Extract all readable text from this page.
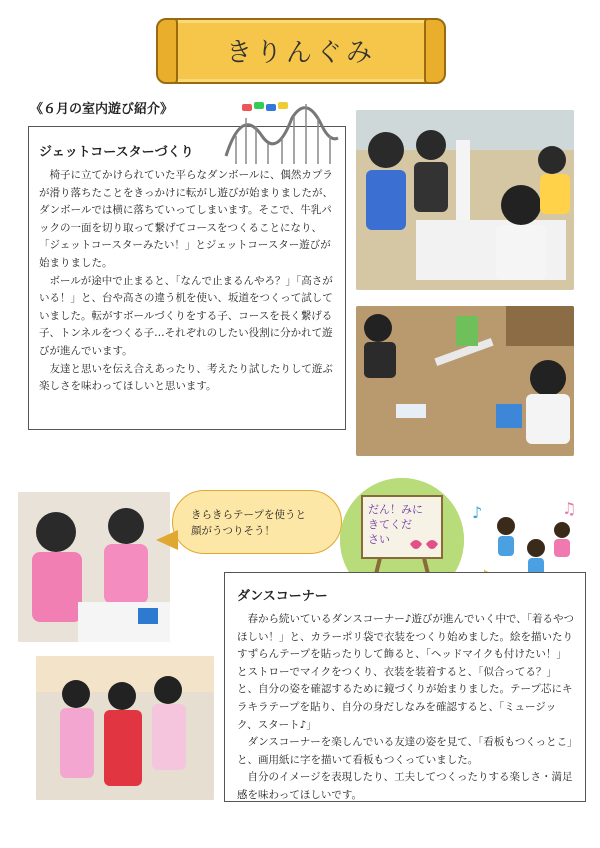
きりんぐみ
《６月の室内遊び紹介》
ジェットコースターづくり

椅子に立てかけられていた平らなダンボールに、偶然カプラが滑り落ちたことをきっかけに転がし遊びが始まりましたが、ダンボールでは横に落ちていってしまいます。そこで、牛乳パックの一面を切り取って繋げてコースをつくることになり、「ジェットコースターみたい！」とジェットコースター遊びが始まりました。

ボールが途中で止まると、「なんで止まるんやろ？」「高さがいる！」と、台や高さの違う机を使い、坂道をつくって試していました。転がすボールづくりをする子、コースを長く繋げる子、トンネルをつくる子…それぞれのしたい役割に分かれて遊びが進んでいます。

友達と思いを伝え合えあったり、考えたり試したりして遊ぶ楽しさを味わってほしいと思います。

きらきらテープを使うと
顔がうつりそう！
だん！みに
きてくだ
さい
♪	♫
ダンスコーナー

春から続いているダンスコーナー♪遊びが進んでいく中で、「着るやつほしい！」と、カラーポリ袋で衣装をつくり始めました。絵を描いたりすずらんテープを貼ったりして飾ると、「ヘッドマイクも付けたい！」とストローでマイクをつくり、衣装を装着すると、「似合ってる？」と、自分の姿を確認するために鏡づくりが始まりました。テープ芯にキラキラテープを貼り、自分の身だしなみを確認すると、「ミュージック、スタート♪」

ダンスコーナーを楽しんでいる友達の姿を見て、「看板もつくっとこ」と、画用紙に字を描いて看板もつくっていました。

自分のイメージを表現したり、工夫してつくったりする楽しさ・満足感を味わってほしいです。
